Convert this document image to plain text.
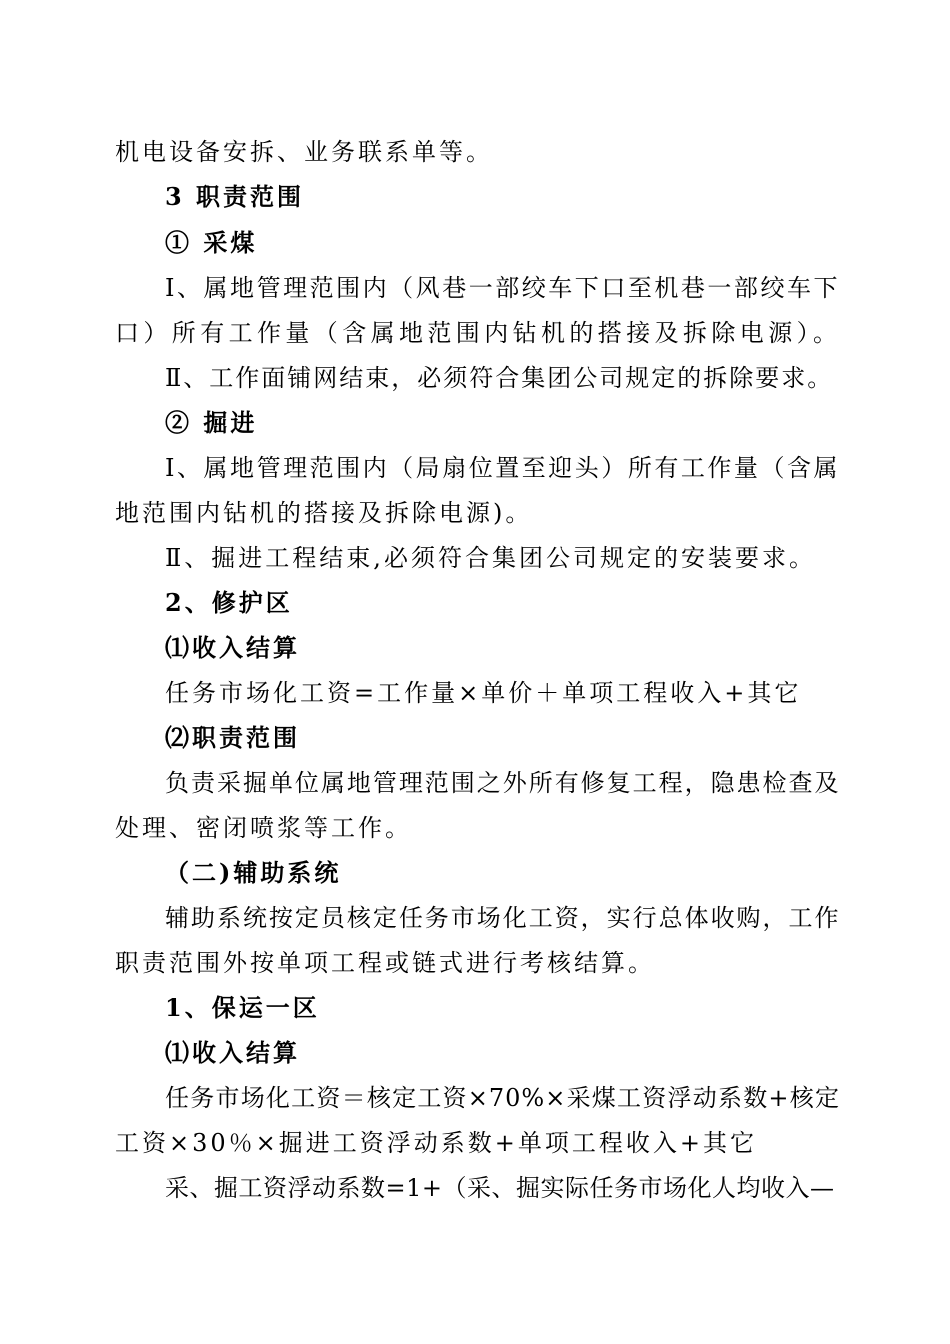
机电设备安拆、业务联系单等。
3 职责范围
① 采煤
Ⅰ、属地管理范围内（风巷一部绞车下口至机巷一部绞车下
口）所有工作量（含属地范围内钻机的搭接及拆除电源）。
Ⅱ、工作面铺网结束，必须符合集团公司规定的拆除要求。
② 掘进
Ⅰ、属地管理范围内（局扇位置至迎头）所有工作量（含属
地范围内钻机的搭接及拆除电源)。
Ⅱ、掘进工程结束,必须符合集团公司规定的安装要求。
2、修护区
⑴收入结算
任务市场化工资=工作量×单价＋单项工程收入+其它
⑵职责范围
负责采掘单位属地管理范围之外所有修复工程，隐患检查及
处理、密闭喷浆等工作。
（二)辅助系统
辅助系统按定员核定任务市场化工资，实行总体收购，工作
职责范围外按单项工程或链式进行考核结算。
1、保运一区
⑴收入结算
任务市场化工资＝核定工资×70%×采煤工资浮动系数+核定
工资×30％×掘进工资浮动系数+单项工程收入+其它
采、掘工资浮动系数=1+（采、掘实际任务市场化人均收入—
